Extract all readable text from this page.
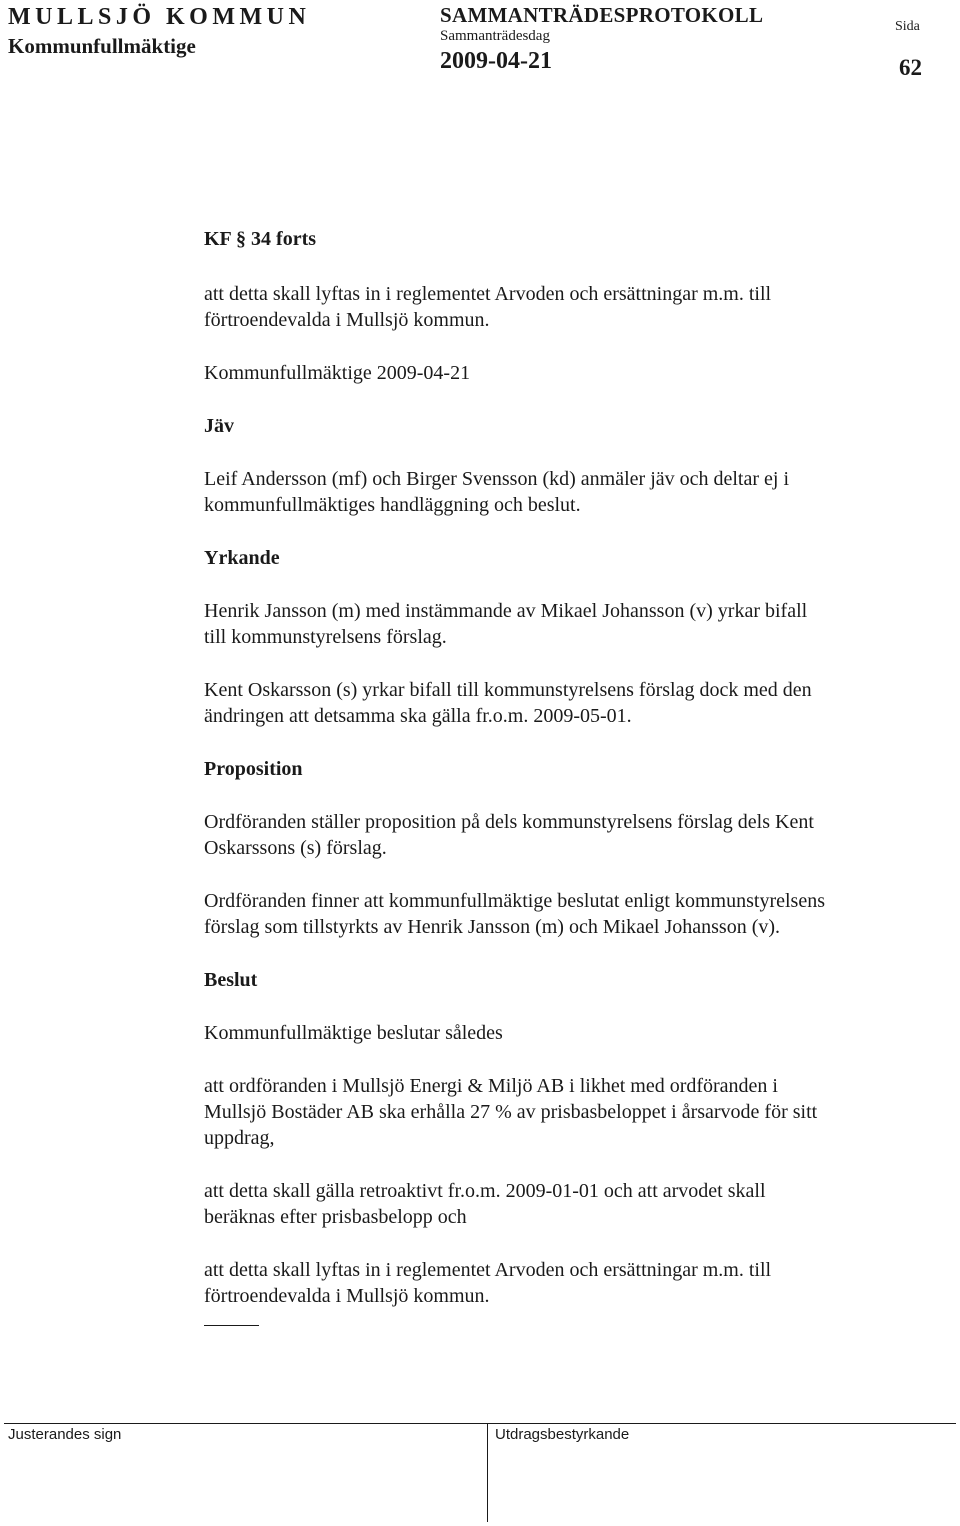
MULLSJÖ KOMMUN
Kommunfullmäktige
SAMMANTRÄDESPROTOKOLL
Sammanträdesdag
2009-04-21
Sida
62

KF § 34 forts

att detta skall lyftas in i reglementet Arvoden och ersättningar m.m. till

förtroendevalda i Mullsjö kommun.

Kommunfullmäktige 2009-04-21

Jäv

Leif Andersson (mf) och Birger Svensson (kd) anmäler jäv och deltar ej i

kommunfullmäktiges handläggning och beslut.

Yrkande

Henrik Jansson (m) med instämmande av Mikael Johansson (v) yrkar bifall

till kommunstyrelsens förslag.

Kent Oskarsson (s) yrkar bifall till kommunstyrelsens förslag dock med den

ändringen att detsamma ska gälla fr.o.m. 2009-05-01.

Proposition

Ordföranden ställer proposition på dels kommunstyrelsens förslag dels Kent

Oskarssons (s) förslag.

Ordföranden finner att kommunfullmäktige beslutat enligt kommunstyrelsens

förslag som tillstyrkts av Henrik Jansson (m) och Mikael Johansson (v).

Beslut

Kommunfullmäktige beslutar således

att ordföranden i Mullsjö Energi & Miljö AB i likhet med ordföranden i

Mullsjö Bostäder AB ska erhålla 27 % av prisbasbeloppet i årsarvode för sitt

uppdrag,

att detta skall gälla retroaktivt fr.o.m. 2009-01-01 och att arvodet skall

beräknas efter prisbasbelopp och

att detta skall lyftas in i reglementet Arvoden och ersättningar m.m. till

förtroendevalda i Mullsjö kommun.

Justerandes sign	Utdragsbestyrkande
